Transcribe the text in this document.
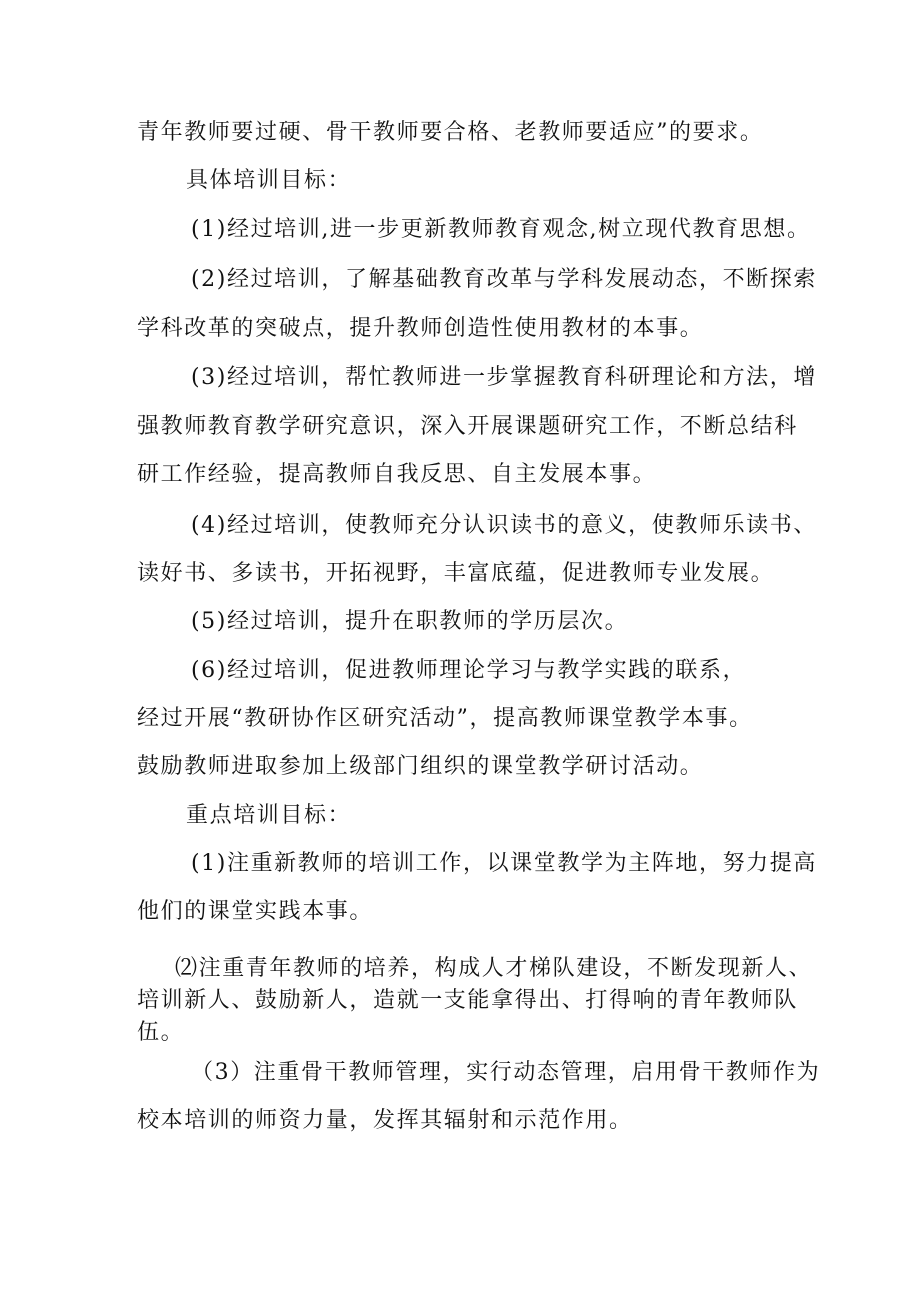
青年教师要过硬、骨干教师要合格、老教师要适应”的要求。
具体培训目标：
(1)经过培训,进一步更新教师教育观念,树立现代教育思想。
(2)经过培训，了解基础教育改革与学科发展动态，不断探索
学科改革的突破点，提升教师创造性使用教材的本事。
(3)经过培训，帮忙教师进一步掌握教育科研理论和方法，增
强教师教育教学研究意识，深入开展课题研究工作，不断总结科
研工作经验，提高教师自我反思、自主发展本事。
(4)经过培训，使教师充分认识读书的意义，使教师乐读书、
读好书、多读书，开拓视野，丰富底蕴，促进教师专业发展。
(5)经过培训，提升在职教师的学历层次。
(6)经过培训，促进教师理论学习与教学实践的联系，
经过开展“教研协作区研究活动”，提高教师课堂教学本事。
鼓励教师进取参加上级部门组织的课堂教学研讨活动。
重点培训目标：
(1)注重新教师的培训工作，以课堂教学为主阵地，努力提高
他们的课堂实践本事。
⑵注重青年教师的培养，构成人才梯队建设，不断发现新人、
培训新人、鼓励新人，造就一支能拿得出、打得响的青年教师队
伍。
（3）注重骨干教师管理，实行动态管理，启用骨干教师作为
校本培训的师资力量，发挥其辐射和示范作用。
